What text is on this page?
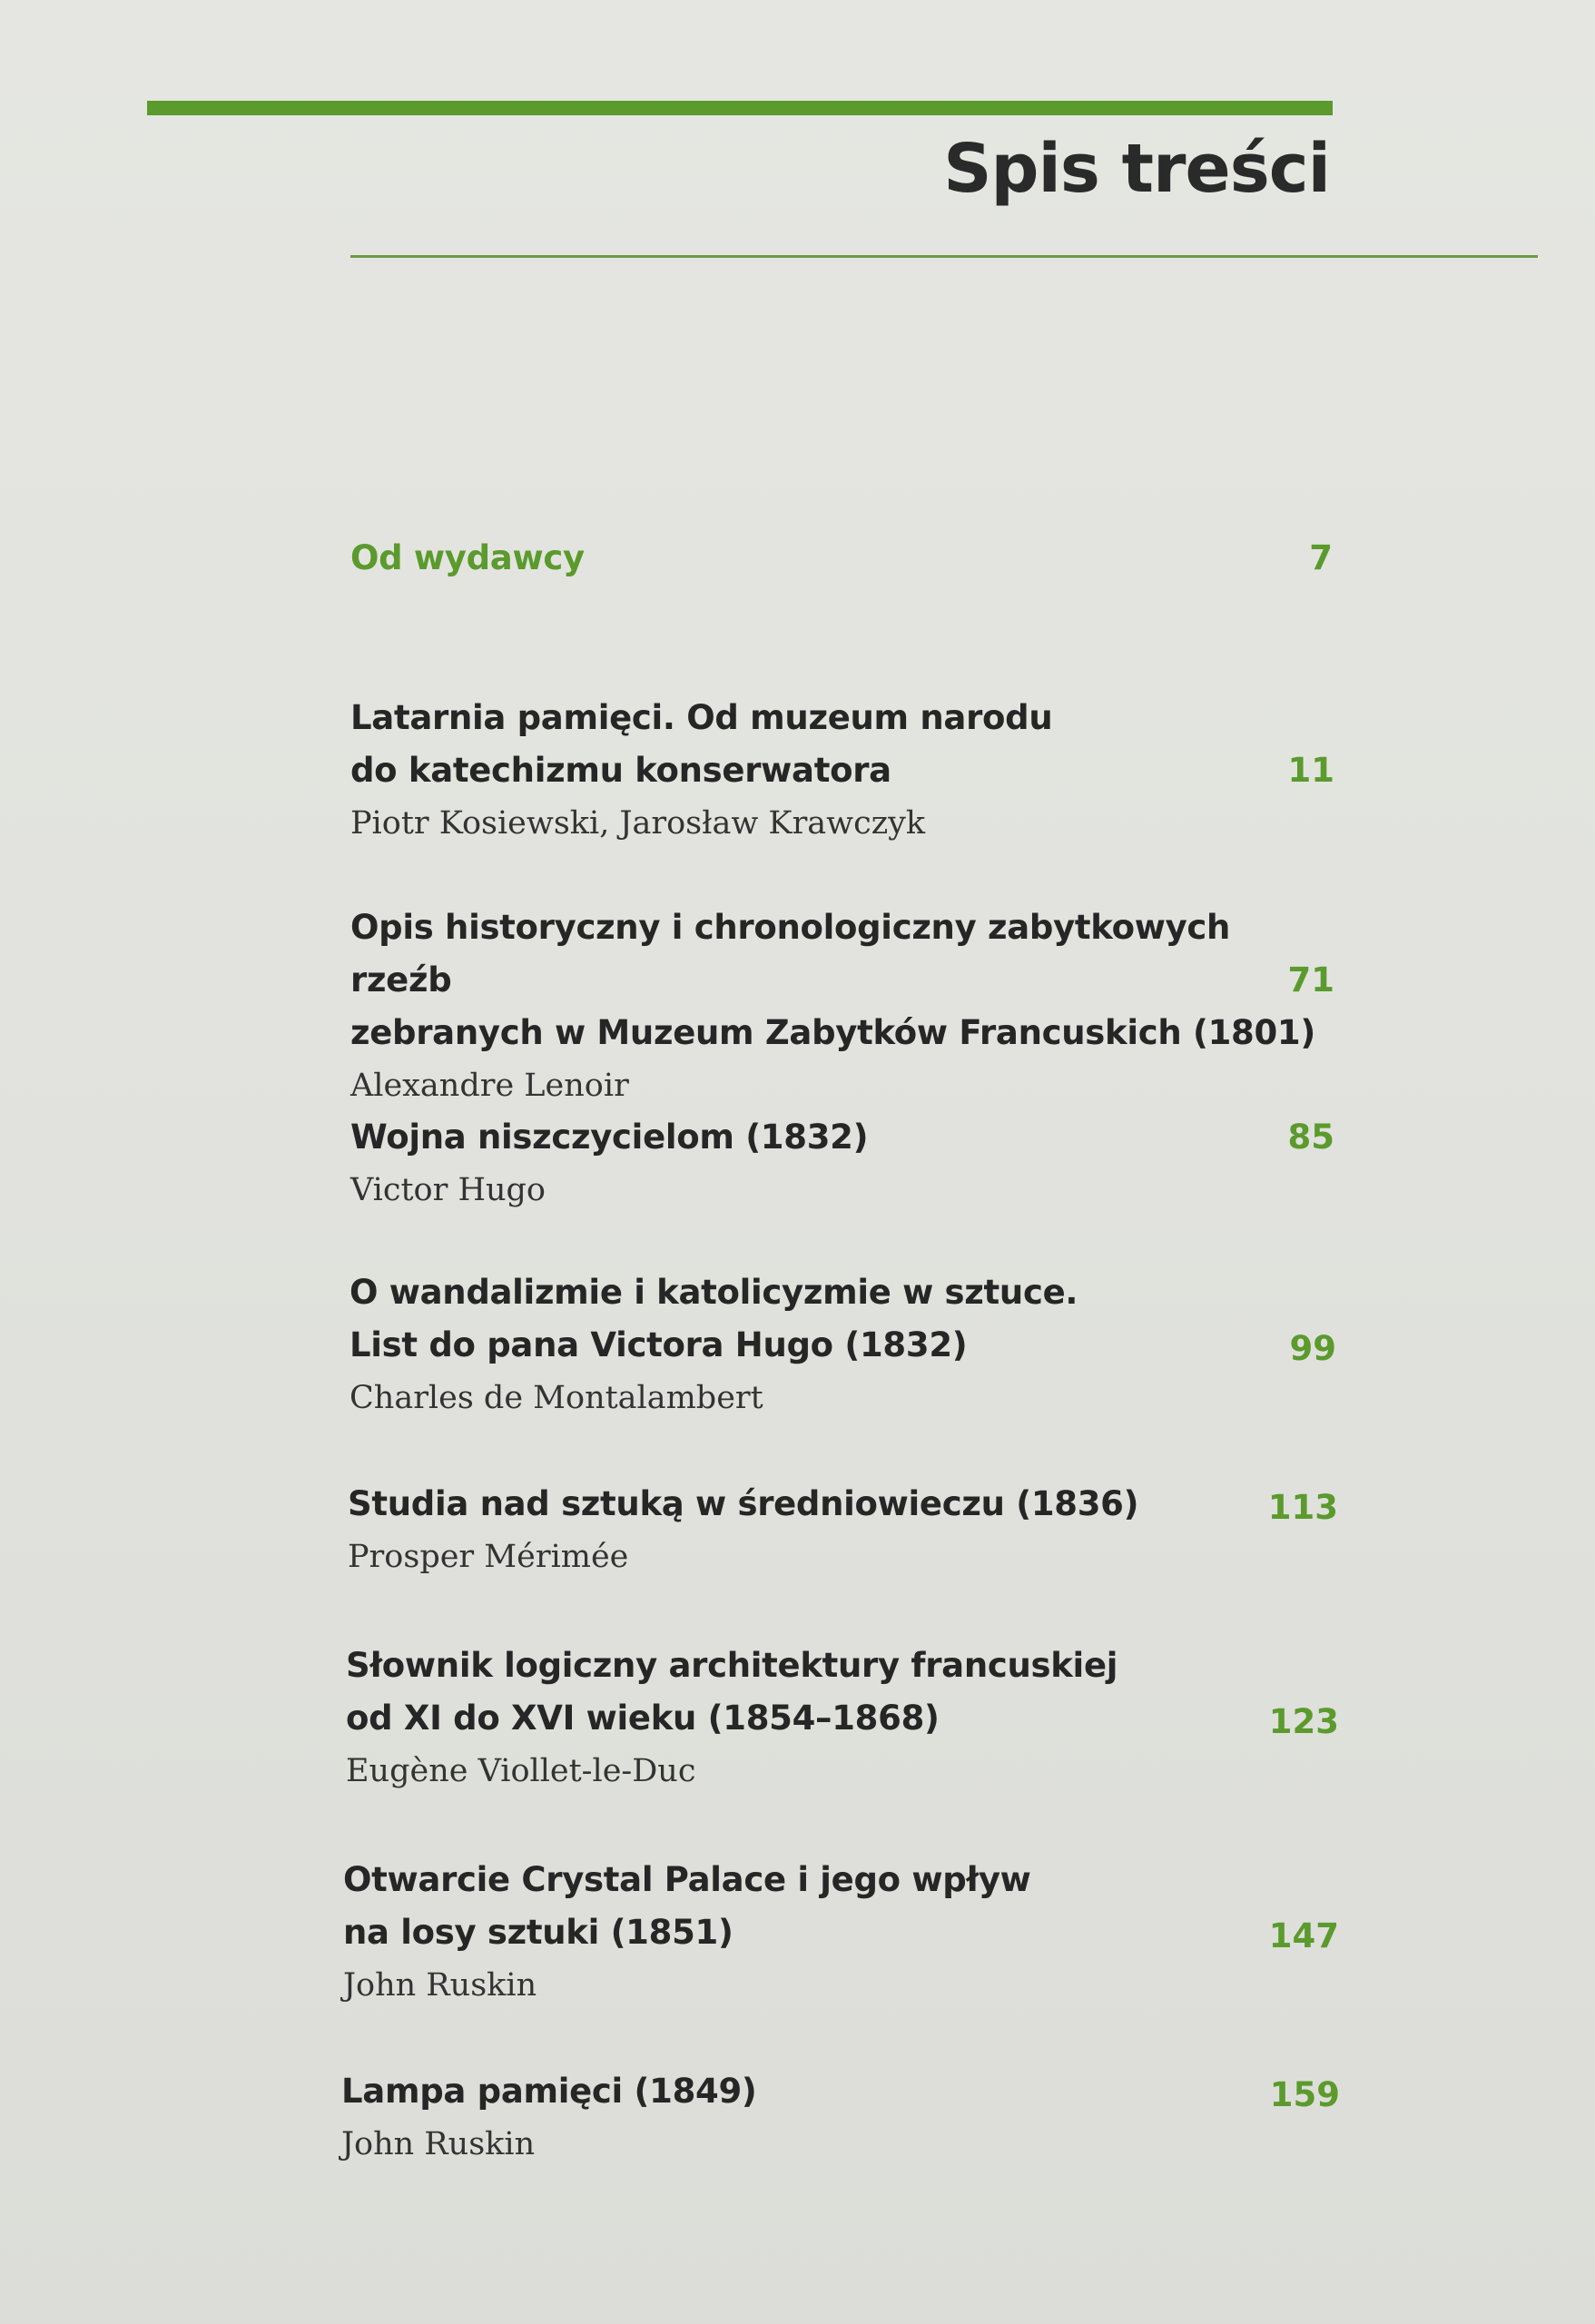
Spis treści
Od wydawcy	7
Latarnia pamięci. Od muzeum narodu
do katechizmu konserwatora
Piotr Kosiewski, Jarosław Krawczyk
11
Opis historyczny i chronologiczny zabytkowych rzeźb
zebranych w Muzeum Zabytków Francuskich (1801)
Alexandre Lenoir
71
Wojna niszczycielom (1832)
Victor Hugo
85
O wandalizmie i katolicyzmie w sztuce.
List do pana Victora Hugo (1832)
Charles de Montalambert
99
Studia nad sztuką w średniowieczu (1836)
Prosper Mérimée
113
Słownik logiczny architektury francuskiej
od XI do XVI wieku (1854–1868)
Eugène Viollet-le-Duc
123
Otwarcie Crystal Palace i jego wpływ
na losy sztuki (1851)
John Ruskin
147
Lampa pamięci (1849)
John Ruskin
159
